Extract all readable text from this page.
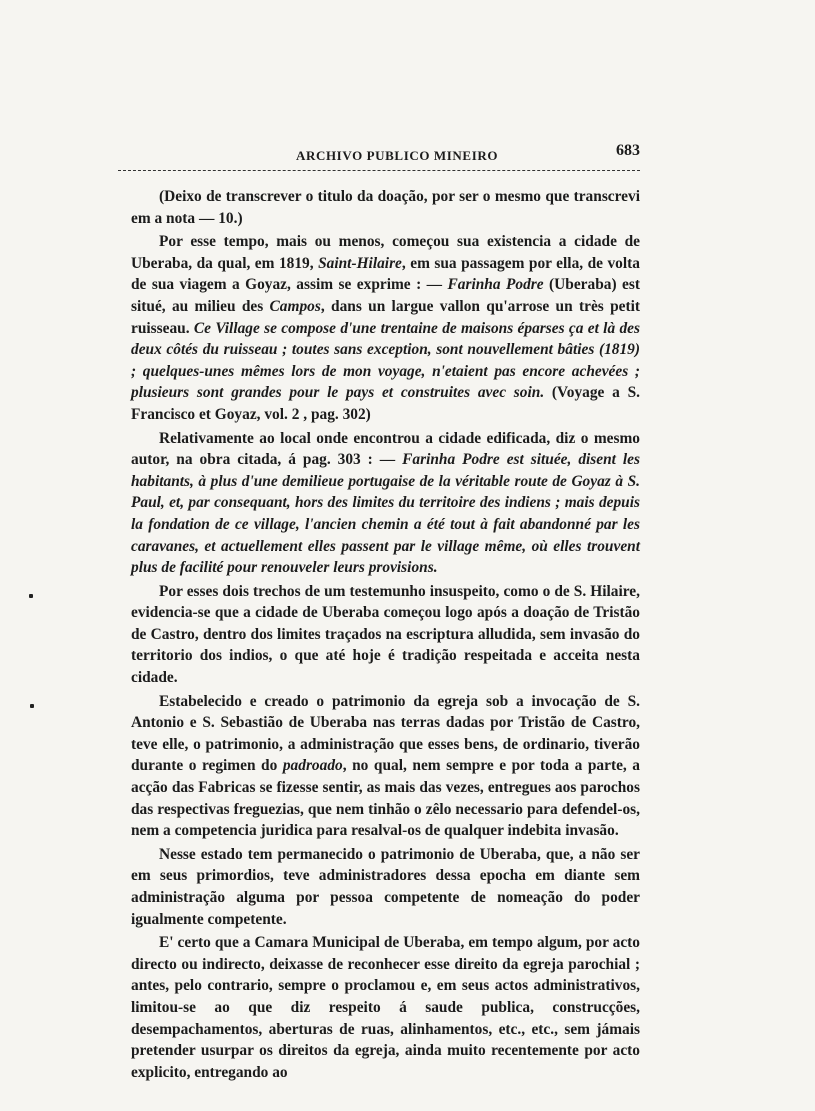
ARCHIVO PUBLICO MINEIRO	683

(Deixo de transcrever o titulo da doação, por ser o mesmo que transcrevi em a nota — 10.)

Por esse tempo, mais ou menos, começou sua existencia a cidade de Uberaba, da qual, em 1819, Saint-Hilaire, em sua passagem por ella, de volta de sua viagem a Goyaz, assim se exprime : — Farinha Podre (Uberaba) est situé, au milieu des Campos, dans un largue vallon qu'arrose un très petit ruisseau. Ce Village se compose d'une trentaine de maisons éparses ça et là des deux côtés du ruisseau ; toutes sans exception, sont nouvellement bâties (1819) ; quelques-unes mêmes lors de mon voyage, n'etaient pas encore achevées ; plusieurs sont grandes pour le pays et construites avec soin. (Voyage a S. Francisco et Goyaz, vol. 2 , pag. 302)

Relativamente ao local onde encontrou a cidade edificada, diz o mesmo autor, na obra citada, á pag. 303 : — Farinha Podre est située, disent les habitants, à plus d'une demilieue portugaise de la véritable route de Goyaz à S. Paul, et, par consequant, hors des limites du territoire des indiens ; mais depuis la fondation de ce village, l'ancien chemin a été tout à fait abandonné par les caravanes, et actuellement elles passent par le village même, où elles trouvent plus de facilité pour renouveler leurs provisions.

Por esses dois trechos de um testemunho insuspeito, como o de S. Hilaire, evidencia-se que a cidade de Uberaba começou logo após a doação de Tristão de Castro, dentro dos limites traçados na escriptura alludida, sem invasão do territorio dos indios, o que até hoje é tradição respeitada e acceita nesta cidade.

Estabelecido e creado o patrimonio da egreja sob a invocação de S. Antonio e S. Sebastião de Uberaba nas terras dadas por Tristão de Castro, teve elle, o patrimonio, a administração que esses bens, de ordinario, tiverão durante o regimen do padroado, no qual, nem sempre e por toda a parte, a acção das Fabricas se fizesse sentir, as mais das vezes, entregues aos parochos das respectivas freguezias, que nem tinhão o zêlo necessario para defendel-os, nem a competencia juridica para resalval-os de qualquer indebita invasão.

Nesse estado tem permanecido o patrimonio de Uberaba, que, a não ser em seus primordios, teve administradores dessa epocha em diante sem administração alguma por pessoa competente de nomeação do poder igualmente competente.

E' certo que a Camara Municipal de Uberaba, em tempo algum, por acto directo ou indirecto, deixasse de reconhecer esse direito da egreja parochial ; antes, pelo contrario, sempre o proclamou e, em seus actos administrativos, limitou-se ao que diz respeito á saude publica, construcções, desempachamentos, aberturas de ruas, alinhamentos, etc., etc., sem jámais pretender usurpar os direitos da egreja, ainda muito recentemente por acto explicito, entregando ao
